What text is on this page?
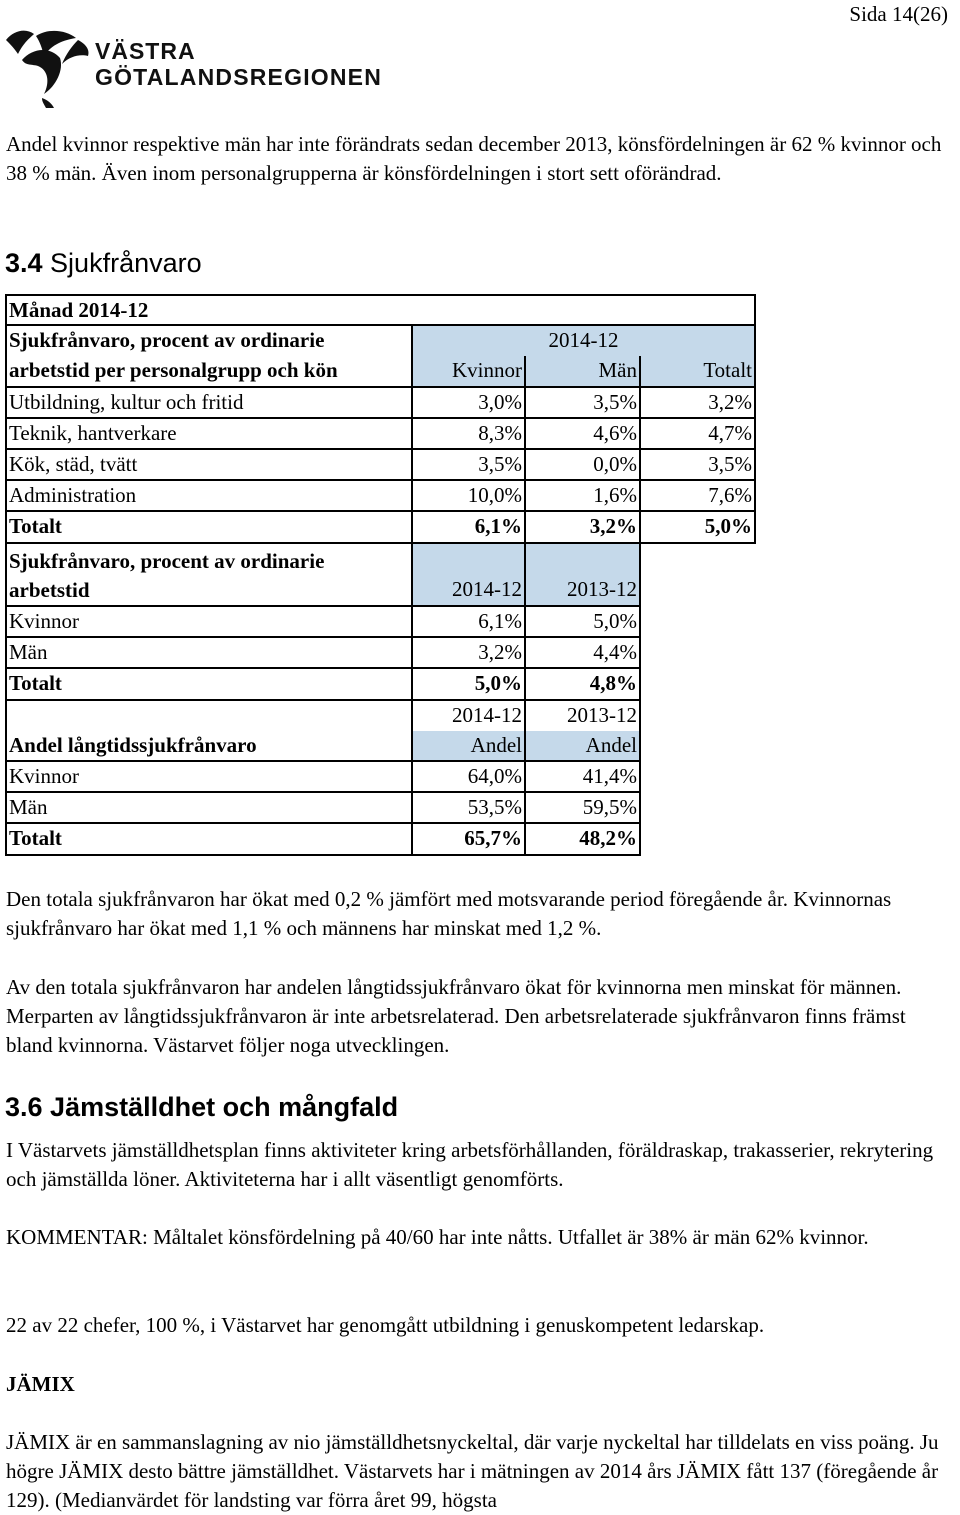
Sida 14(26)
VÄSTRA
GÖTALANDSREGIONEN

Andel kvinnor respektive män har inte förändrats sedan december 2013, könsfördelningen är 62 % kvinnor och 38 % män. Även inom personalgrupperna är könsfördelningen i stort sett oförändrad.

3.4 Sjukfrånvaro
Månad 2014-12
Sjukfrånvaro, procent av ordinarie	2014-12
arbetstid per personalgrupp och kön	Kvinnor	Män	Totalt
Utbildning, kultur och fritid	3,0%	3,5%	3,2%
Teknik, hantverkare	8,3%	4,6%	4,7%
Kök, städ, tvätt	3,5%	0,0%	3,5%
Administration	10,0%	1,6%	7,6%
Totalt	6,1%	3,2%	5,0%
Sjukfrånvaro, procent av ordinarie
arbetstid	2014-12	2013-12
Kvinnor	6,1%	5,0%
Män	3,2%	4,4%
Totalt	5,0%	4,8%
Andel långtidssjukfrånvaro
2014-12	2013-12
Andel	Andel
Kvinnor	64,0%	41,4%
Män	53,5%	59,5%
Totalt	65,7%	48,2%

Den totala sjukfrånvaron har ökat med 0,2 % jämfört med motsvarande period föregående år. Kvinnornas sjukfrånvaro har ökat med 1,1 % och männens har minskat med 1,2 %.

Av den totala sjukfrånvaron har andelen långtidssjukfrånvaro ökat för kvinnorna men minskat för männen. Merparten av långtidssjukfrånvaron är inte arbetsrelaterad. Den arbetsrelaterade sjukfrånvaron finns främst bland kvinnorna. Västarvet följer noga utvecklingen.

3.6 Jämställdhet och mångfald

I Västarvets jämställdhetsplan finns aktiviteter kring arbetsförhållanden, föräldraskap, trakasserier, rekrytering och jämställda löner. Aktiviteterna har i allt väsentligt genomförts.

KOMMENTAR: Måltalet könsfördelning på 40/60 har inte nåtts. Utfallet är 38% är män 62% kvinnor.

22 av 22 chefer, 100 %, i Västarvet har genomgått utbildning i genuskompetent ledarskap.

JÄMIX

JÄMIX är en sammanslagning av nio jämställdhetsnyckeltal, där varje nyckeltal har tilldelats en viss poäng. Ju högre JÄMIX desto bättre jämställdhet. Västarvets har i mätningen av 2014 års JÄMIX fått 137 (föregående år 129). (Medianvärdet för landsting var förra året 99, högsta
